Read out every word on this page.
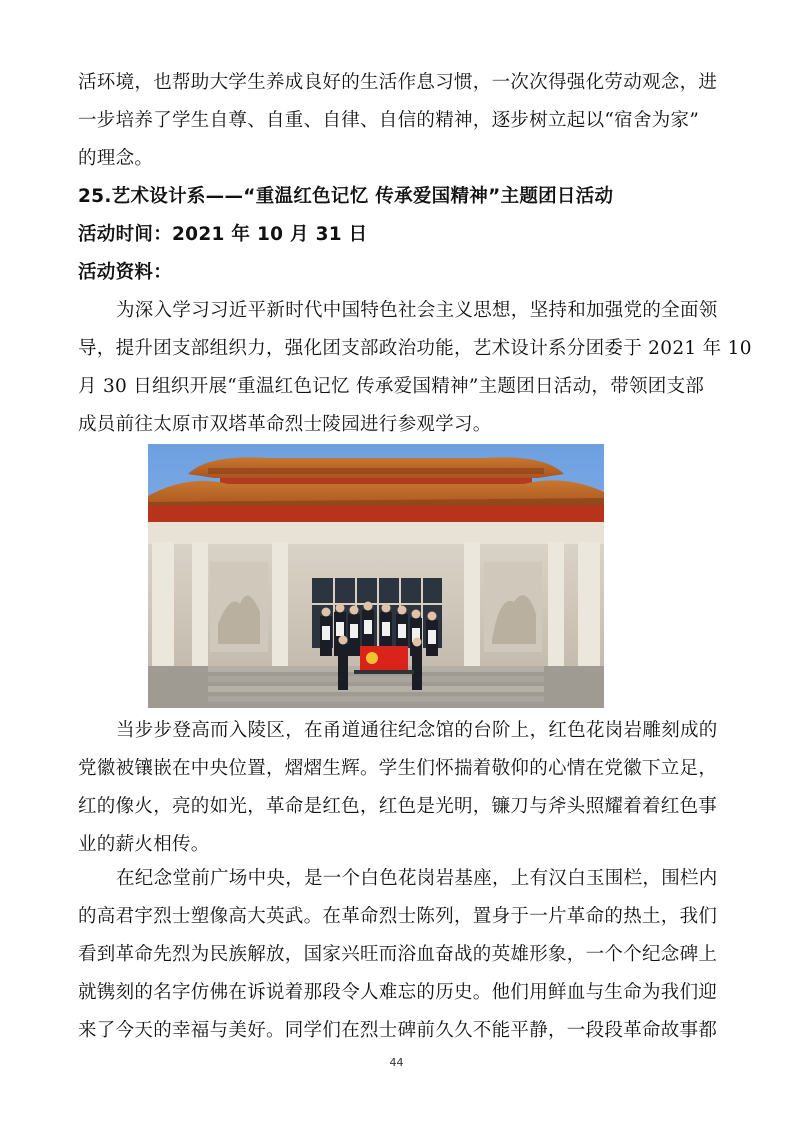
活环境，也帮助大学生养成良好的生活作息习惯，一次次得强化劳动观念，进
一步培养了学生自尊、自重、自律、自信的精神，逐步树立起以“宿舍为家”
的理念。
25.艺术设计系——“重温红色记忆 传承爱国精神”主题团日活动
活动时间：2021 年 10 月 31 日
活动资料：
为深入学习习近平新时代中国特色社会主义思想，坚持和加强党的全面领
导，提升团支部组织力，强化团支部政治功能，艺术设计系分团委于 2021 年 10
月 30 日组织开展“重温红色记忆 传承爱国精神”主题团日活动，带领团支部
成员前往太原市双塔革命烈士陵园进行参观学习。
当步步登高而入陵区，在甬道通往纪念馆的台阶上，红色花岗岩雕刻成的
党徽被镶嵌在中央位置，熠熠生辉。学生们怀揣着敬仰的心情在党徽下立足，
红的像火，亮的如光，革命是红色，红色是光明，镰刀与斧头照耀着着红色事
业的薪火相传。
在纪念堂前广场中央，是一个白色花岗岩基座，上有汉白玉围栏，围栏内
的高君宇烈士塑像高大英武。在革命烈士陈列，置身于一片革命的热土，我们
看到革命先烈为民族解放，国家兴旺而浴血奋战的英雄形象，一个个纪念碑上
就镌刻的名字仿佛在诉说着那段令人难忘的历史。他们用鲜血与生命为我们迎
来了今天的幸福与美好。同学们在烈士碑前久久不能平静，一段段革命故事都
44
